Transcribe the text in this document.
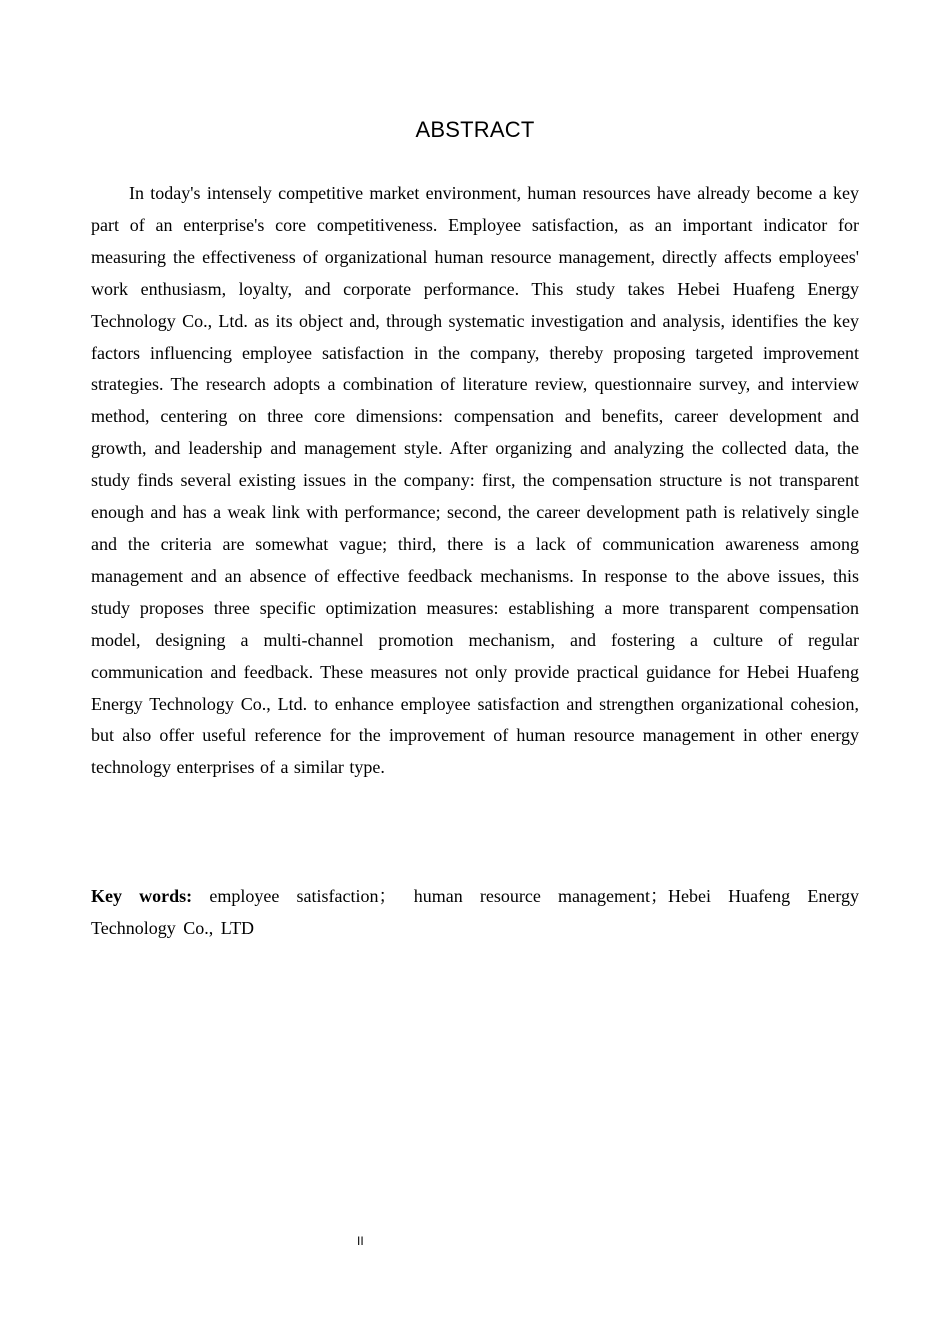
ABSTRACT

In today's intensely competitive market environment, human resources have already become a key part of an enterprise's core competitiveness. Employee satisfaction, as an important indicator for measuring the effectiveness of organizational human resource management, directly affects employees' work enthusiasm, loyalty, and corporate performance. This study takes Hebei Huafeng Energy Technology Co., Ltd. as its object and, through systematic investigation and analysis, identifies the key factors influencing employee satisfaction in the company, thereby proposing targeted improvement strategies. The research adopts a combination of literature review, questionnaire survey, and interview method, centering on three core dimensions: compensation and benefits, career development and growth, and leadership and management style. After organizing and analyzing the collected data, the study finds several existing issues in the company: first, the compensation structure is not transparent enough and has a weak link with performance; second, the career development path is relatively single and the criteria are somewhat vague; third, there is a lack of communication awareness among management and an absence of effective feedback mechanisms. In response to the above issues, this study proposes three specific optimization measures: establishing a more transparent compensation model, designing a multi-channel promotion mechanism, and fostering a culture of regular communication and feedback. These measures not only provide practical guidance for Hebei Huafeng Energy Technology Co., Ltd. to enhance employee satisfaction and strengthen organizational cohesion, but also offer useful reference for the improvement of human resource management in other energy technology enterprises of a similar type.

Key words: employee satisfaction； human resource management；Hebei Huafeng Energy Technology Co., LTD

II
